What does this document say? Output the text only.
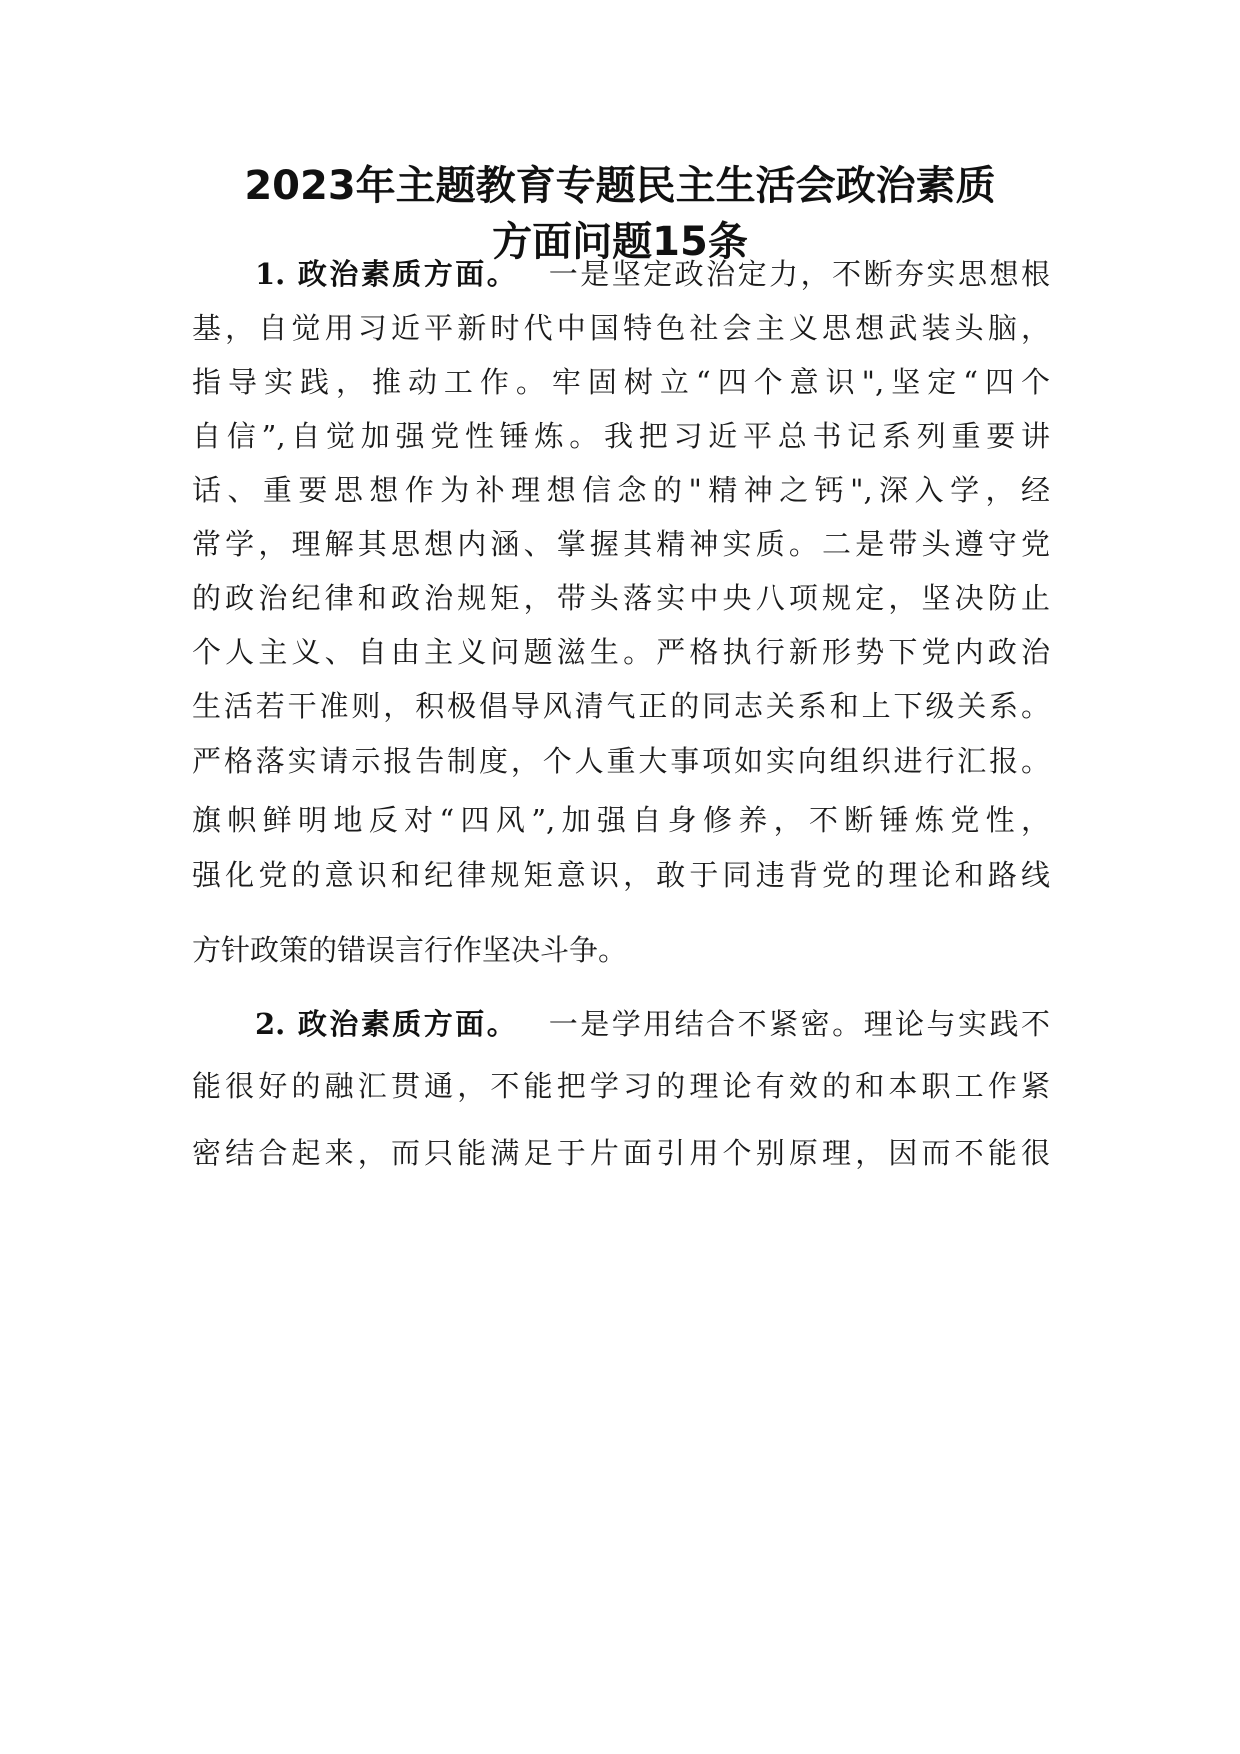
2023年主题教育专题民主生活会政治素质
方面问题15条
1. 政治素质方面。 一是坚定政治定力，不断夯实思想根
基，自觉用习近平新时代中国特色社会主义思想武装头脑，
指导实践，推动工作。牢固树立“四个意识",坚定“四个
自信”,自觉加强党性锤炼。我把习近平总书记系列重要讲
话、重要思想作为补理想信念的"精神之钙",深入学，经
常学，理解其思想内涵、掌握其精神实质。二是带头遵守党
的政治纪律和政治规矩，带头落实中央八项规定，坚决防止
个人主义、自由主义问题滋生。严格执行新形势下党内政治
生活若干准则，积极倡导风清气正的同志关系和上下级关系。
严格落实请示报告制度，个人重大事项如实向组织进行汇报。
旗帜鲜明地反对“四风”,加强自身修养，不断锤炼党性，
强化党的意识和纪律规矩意识，敢于同违背党的理论和路线
方针政策的错误言行作坚决斗争。
2. 政治素质方面。 一是学用结合不紧密。理论与实践不
能很好的融汇贯通，不能把学习的理论有效的和本职工作紧
密结合起来，而只能满足于片面引用个别原理，因而不能很
